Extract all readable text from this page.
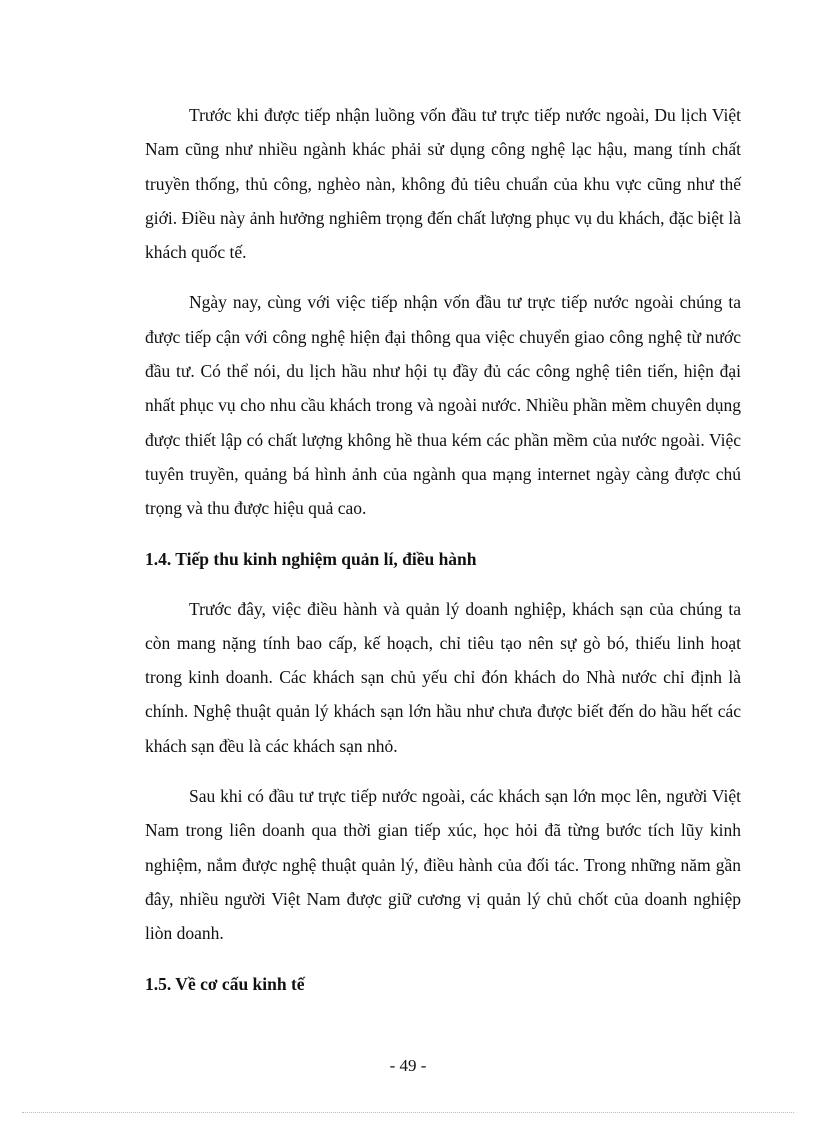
Trước khi được tiếp nhận luồng vốn đầu tư trực tiếp nước ngoài, Du lịch Việt Nam cũng như nhiều ngành khác phải sử dụng công nghệ lạc hậu, mang tính chất truyền thống, thủ công, nghèo nàn, không đủ tiêu chuẩn của khu vực cũng như thế giới. Điều này ảnh hưởng nghiêm trọng đến chất lượng phục vụ du khách, đặc biệt là khách quốc tế.

Ngày nay, cùng với việc tiếp nhận vốn đầu tư trực tiếp nước ngoài chúng ta được tiếp cận với công nghệ hiện đại thông qua việc chuyển giao công nghệ từ nước đầu tư. Có thể nói, du lịch hầu như hội tụ đầy đủ các công nghệ tiên tiến, hiện đại nhất phục vụ cho nhu cầu khách trong và ngoài nước. Nhiều phần mềm chuyên dụng được thiết lập có chất lượng không hề thua kém các phần mềm của nước ngoài. Việc tuyên truyền, quảng bá hình ảnh của ngành qua mạng internet ngày càng được chú trọng và thu được hiệu quả cao.

1.4. Tiếp thu kinh nghiệm quản lí, điều hành

Trước đây, việc điều hành và quản lý doanh nghiệp, khách sạn của chúng ta còn mang nặng tính bao cấp, kế hoạch, chỉ tiêu tạo nên sự gò bó, thiếu linh hoạt trong kinh doanh. Các khách sạn chủ yếu chỉ đón khách do Nhà nước chỉ định là chính. Nghệ thuật quản lý khách sạn lớn hầu như chưa được biết đến do hầu hết các khách sạn đều là các khách sạn nhỏ.

Sau khi có đầu tư trực tiếp nước ngoài, các khách sạn lớn mọc lên, người Việt Nam trong liên doanh qua thời gian tiếp xúc, học hỏi đã từng bước tích lũy kinh nghiệm, nắm được nghệ thuật quản lý, điều hành của đối tác. Trong những năm gần đây, nhiều người Việt Nam được giữ cương vị quản lý chủ chốt của doanh nghiệp liòn doanh.

1.5. Về cơ cấu kinh tế
- 49 -
